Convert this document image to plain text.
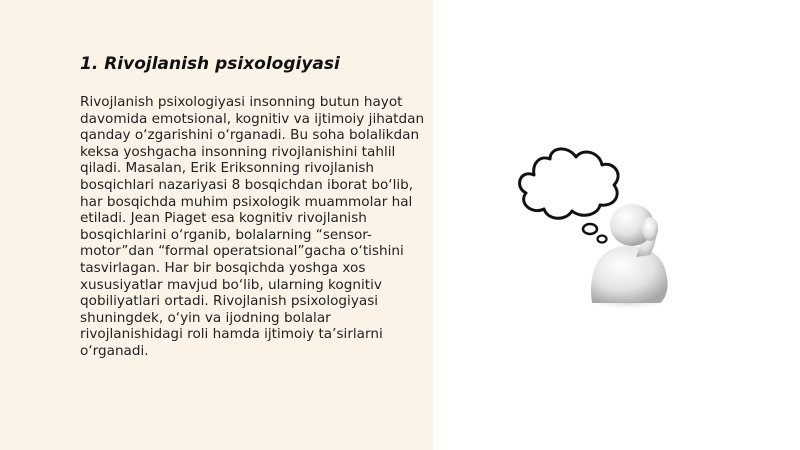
1. Rivojlanish psixologiyasi

Rivojlanish psixologiyasi insonning butun hayot davomida emotsional, kognitiv va ijtimoiy jihatdan qanday o‘zgarishini o‘rganadi. Bu soha bolalikdan keksa yoshgacha insonning rivojlanishini tahlil qiladi. Masalan, Erik Eriksonning rivojlanish bosqichlari nazariyasi 8 bosqichdan iborat bo‘lib, har bosqichda muhim psixologik muammolar hal etiladi. Jean Piaget esa kognitiv rivojlanish bosqichlarini o‘rganib, bolalarning “sensor-motor”dan “formal operatsional”gacha o‘tishini tasvirlagan. Har bir bosqichda yoshga xos xususiyatlar mavjud bo‘lib, ularning kognitiv qobiliyatlari ortadi. Rivojlanish psixologiyasi shuningdek, o‘yin va ijodning bolalar rivojlanishidagi roli hamda ijtimoiy ta’sirlarni o‘rganadi.
